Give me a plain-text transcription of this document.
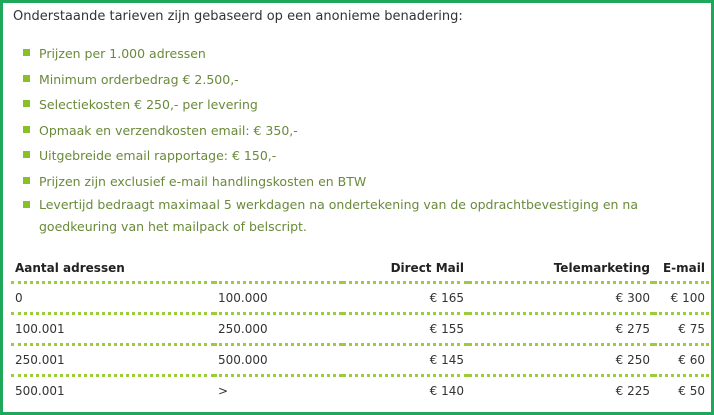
Onderstaande tarieven zijn gebaseerd op een anonieme benadering:
Prijzen per 1.000 adressen
Minimum orderbedrag € 2.500,-
Selectiekosten € 250,- per levering
Opmaak en verzendkosten email: € 350,-
Uitgebreide email rapportage: € 150,-
Prijzen zijn exclusief e-mail handlingskosten en BTW
Levertijd bedraagt maximaal 5 werkdagen na ondertekening van de opdrachtbevestiging en na goedkeuring van het mailpack of belscript.
Aantal adressen		Direct Mail	Telemarketing	E-mail
0	100.000	€ 165	€ 300	€ 100
100.001	250.000	€ 155	€ 275	€ 75
250.001	500.000	€ 145	€ 250	€ 60
500.001	>	€ 140	€ 225	€ 50
